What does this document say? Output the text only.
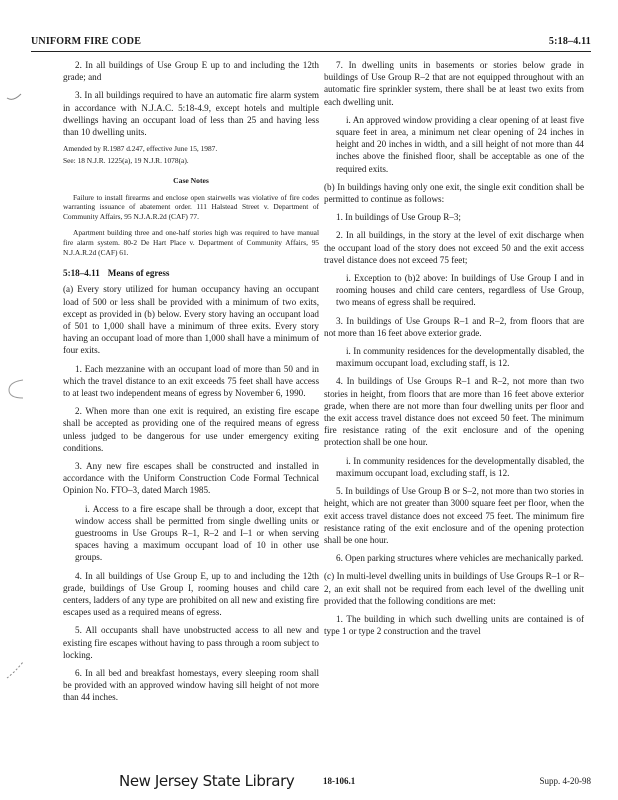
UNIFORM FIRE CODE	5:18–4.11

2. In all buildings of Use Group E up to and including the 12th grade; and

3. In all buildings required to have an automatic fire alarm system in accordance with N.J.A.C. 5:18-4.9, except hotels and multiple dwellings having an occupant load of less than 25 and having less than 10 dwelling units.

Amended by R.1987 d.247, effective June 15, 1987.

See: 18 N.J.R. 1225(a), 19 N.J.R. 1078(a).

Case Notes

Failure to install firearms and enclose open stairwells was violative of fire codes warranting issuance of abatement order. 111 Halstead Street v. Department of Community Affairs, 95 N.J.A.R.2d (CAF) 77.

Apartment building three and one-half stories high was required to have manual fire alarm system. 80-2 De Hart Place v. Department of Community Affairs, 95 N.J.A.R.2d (CAF) 61.

5:18–4.11 Means of egress

(a) Every story utilized for human occupancy having an occupant load of 500 or less shall be provided with a minimum of two exits, except as provided in (b) below. Every story having an occupant load of 501 to 1,000 shall have a minimum of three exits. Every story having an occupant load of more than 1,000 shall have a minimum of four exits.

1. Each mezzanine with an occupant load of more than 50 and in which the travel distance to an exit exceeds 75 feet shall have access to at least two independent means of egress by November 6, 1990.

2. When more than one exit is required, an existing fire escape shall be accepted as providing one of the required means of egress unless judged to be dangerous for use under emergency exiting conditions.

3. Any new fire escapes shall be constructed and installed in accordance with the Uniform Construction Code Formal Technical Opinion No. FTO–3, dated March 1985.

i. Access to a fire escape shall be through a door, except that window access shall be permitted from single dwelling units or guestrooms in Use Groups R–1, R–2 and I–1 or when serving spaces having a maximum occupant load of 10 in other use groups.

4. In all buildings of Use Group E, up to and including the 12th grade, buildings of Use Group I, rooming houses and child care centers, ladders of any type are prohibited on all new and existing fire escapes used as a required means of egress.

5. All occupants shall have unobstructed access to all new and existing fire escapes without having to pass through a room subject to locking.

6. In all bed and breakfast homestays, every sleeping room shall be provided with an approved window having sill height of not more than 44 inches.

7. In dwelling units in basements or stories below grade in buildings of Use Group R–2 that are not equipped throughout with an automatic fire sprinkler system, there shall be at least two exits from each dwelling unit.

i. An approved window providing a clear opening of at least five square feet in area, a minimum net clear opening of 24 inches in height and 20 inches in width, and a sill height of not more than 44 inches above the finished floor, shall be acceptable as one of the required exits.

(b) In buildings having only one exit, the single exit condition shall be permitted to continue as follows:

1. In buildings of Use Group R–3;

2. In all buildings, in the story at the level of exit discharge when the occupant load of the story does not exceed 50 and the exit access travel distance does not exceed 75 feet;

i. Exception to (b)2 above: In buildings of Use Group I and in rooming houses and child care centers, regardless of Use Group, two means of egress shall be required.

3. In buildings of Use Groups R–1 and R–2, from floors that are not more than 16 feet above exterior grade.

i. In community residences for the developmentally disabled, the maximum occupant load, excluding staff, is 12.

4. In buildings of Use Groups R–1 and R–2, not more than two stories in height, from floors that are more than 16 feet above exterior grade, when there are not more than four dwelling units per floor and the exit access travel distance does not exceed 50 feet. The minimum fire resistance rating of the exit enclosure and of the opening protection shall be one hour.

i. In community residences for the developmentally disabled, the maximum occupant load, excluding staff, is 12.

5. In buildings of Use Group B or S–2, not more than two stories in height, which are not greater than 3000 square feet per floor, when the exit access travel distance does not exceed 75 feet. The minimum fire resistance rating of the exit enclosure and of the opening protection shall be one hour.

6. Open parking structures where vehicles are mechanically parked.

(c) In multi-level dwelling units in buildings of Use Groups R–1 or R–2, an exit shall not be required from each level of the dwelling unit provided that the following conditions are met:

1. The building in which such dwelling units are contained is of type 1 or type 2 construction and the travel

New Jersey State Library	18-106.1	Supp. 4-20-98
